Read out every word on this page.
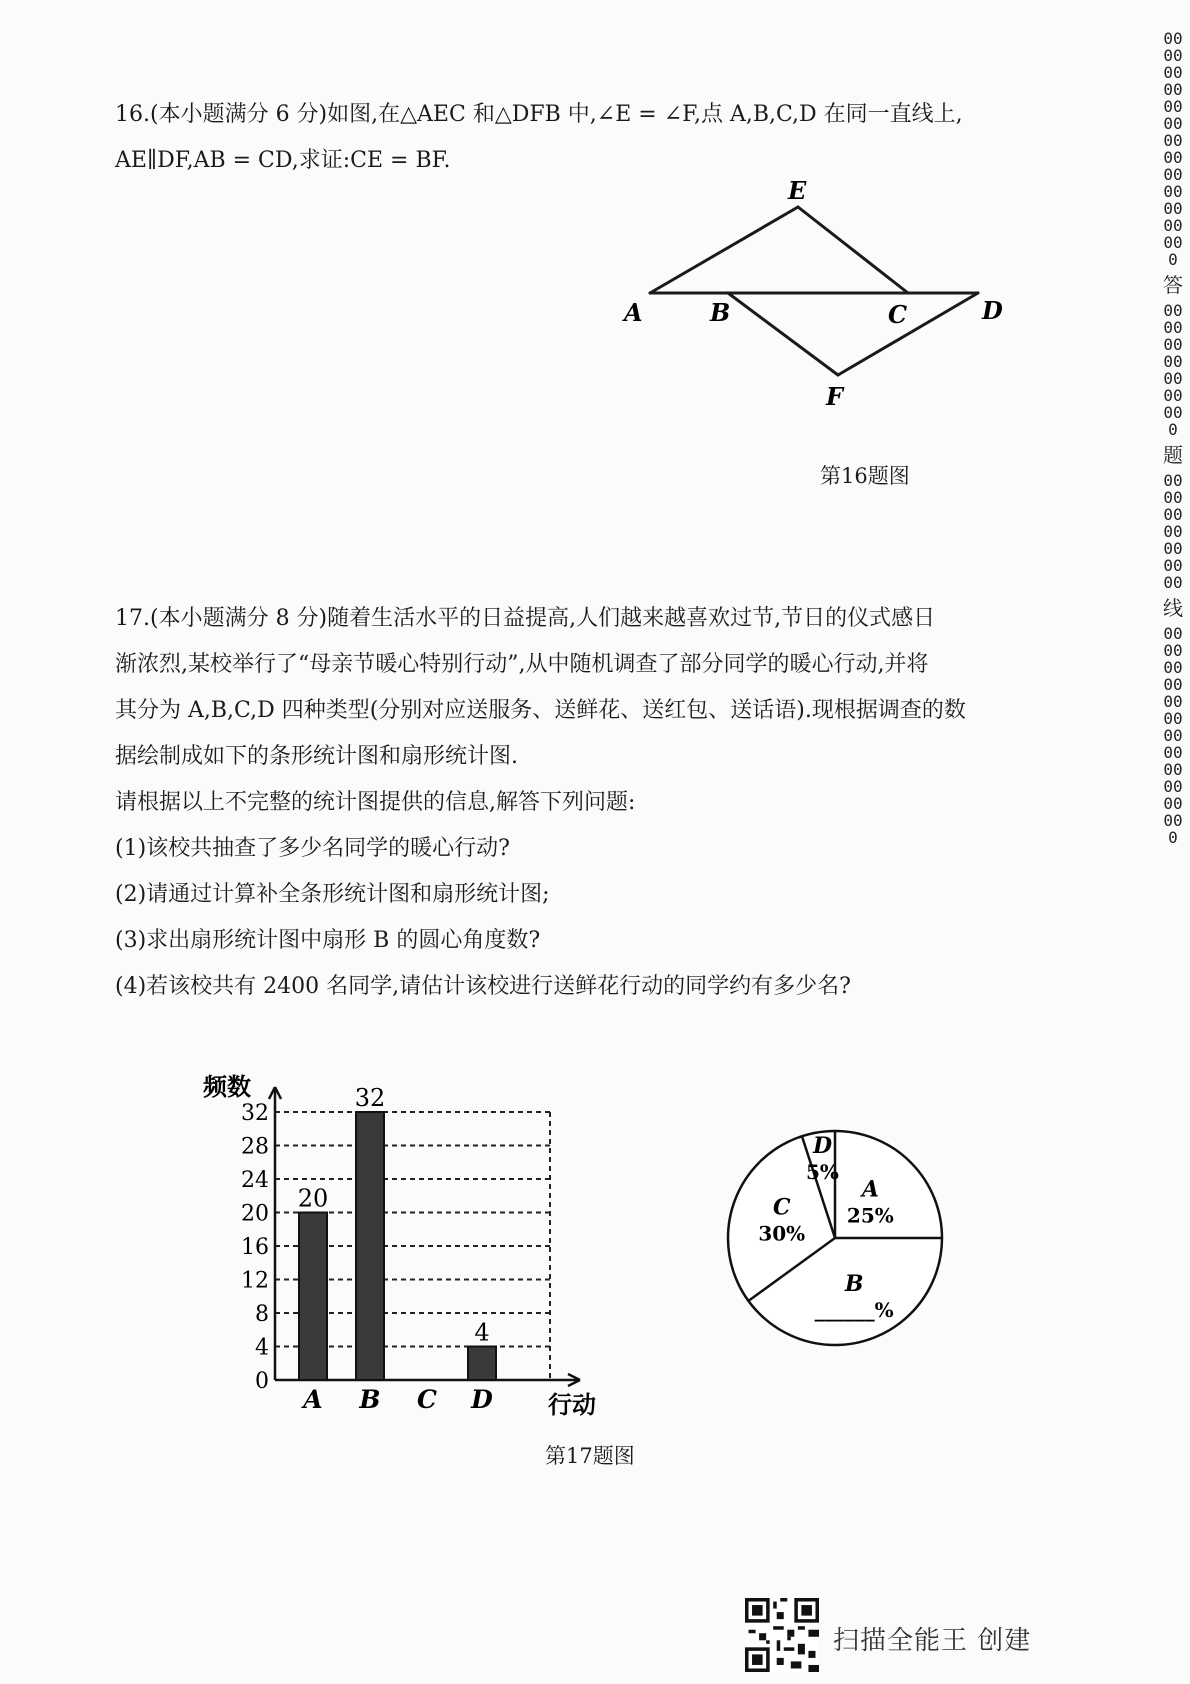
16.(本小题满分 6 分)如图,在△AEC 和△DFB 中,∠E = ∠F,点 A,B,C,D 在同一直线上,

AE∥DF,AB = CD,求证:CE = BF.

E
A	B	C	D
F
第16题图

17.(本小题满分 8 分)随着生活水平的日益提高,人们越来越喜欢过节,节日的仪式感日

渐浓烈,某校举行了“母亲节暖心特别行动”,从中随机调查了部分同学的暖心行动,并将

其分为 A,B,C,D 四种类型(分别对应送服务、送鲜花、送红包、送话语).现根据调查的数

据绘制成如下的条形统计图和扇形统计图.

请根据以上不完整的统计图提供的信息,解答下列问题:

(1)该校共抽查了多少名同学的暖心行动?

(2)请通过计算补全条形统计图和扇形统计图;

(3)求出扇形统计图中扇形 B 的圆心角度数?

(4)若该校共有 2400 名同学,请估计该校进行送鲜花行动的同学约有多少名?

0
4
8
12
16
20
24
28
32
频数
行动
A
20
B
32
C D
4
A
25%
B
______%
C
30%
D
5%
第17题图
000000000000000000000000000
答
000000000000000
题
00000000000000
线
0000000000000000000000000
扫描全能王 创建
